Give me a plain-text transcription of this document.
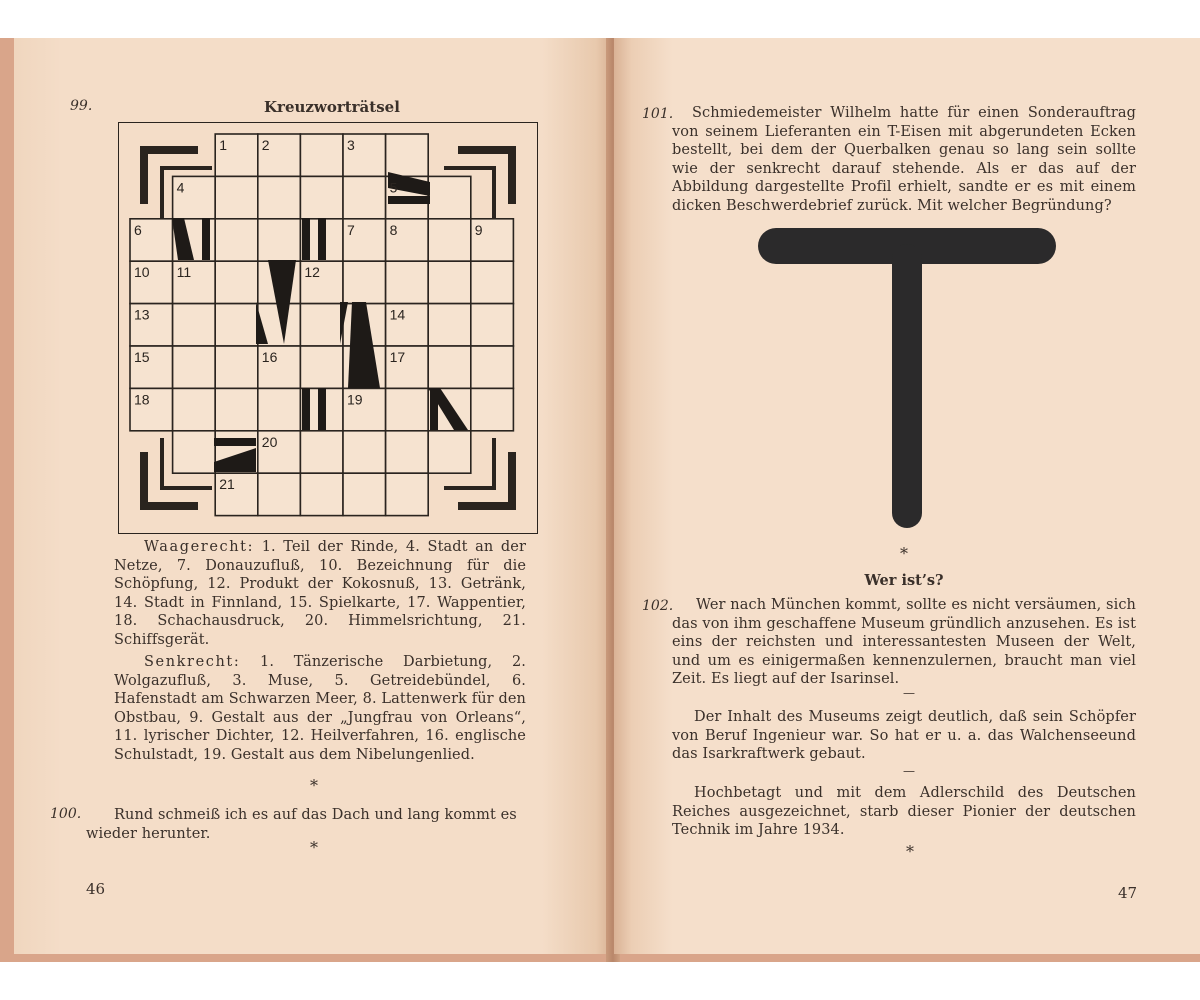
99.	Kreuzworträtsel
1 2	3
4	5
6	7 8	9
10 11	12
13	14
15	16	17
18	19
20
21

Waagerecht: 1. Teil der Rinde, 4. Stadt an der Netze, 7. Donauzufluß, 10. Bezeichnung für die Schöpfung, 12. Produkt der Kokosnuß, 13. Getränk, 14. Stadt in Finnland, 15. Spielkarte, 17. Wappentier, 18. Schachausdruck, 20. Himmelsrichtung, 21. Schiffsgerät.

Senkrecht: 1. Tänzerische Darbietung, 2. Wolgazufluß, 3. Muse, 5. Getreidebündel, 6. Hafenstadt am Schwarzen Meer, 8. Lattenwerk für den Obstbau, 9. Gestalt aus der „Jungfrau von Orleans“, 11. lyrischer Dichter, 12. Heilverfahren, 16. englische Schulstadt, 19. Gestalt aus dem Nibelungenlied.

*
100.	Rund schmeiß ich es auf das Dach und lang kommt es wieder herunter.
*
46
101.	Schmiedemeister Wilhelm hatte für einen Sonderauftrag von seinem Lieferanten ein T-Eisen mit abgerundeten Ecken bestellt, bei dem der Querbalken genau so lang sein sollte wie der senkrecht darauf stehende. Als er das auf der Abbildung dargestellte Profil erhielt, sandte er es mit einem dicken Beschwerdebrief zurück. Mit welcher Begründung?
*
Wer ist’s?
102.	Wer nach München kommt, sollte es nicht versäumen, sich das von ihm geschaffene Museum gründlich anzusehen. Es ist eins der reichsten und interessantesten Museen der Welt, und um es einigermaßen kennenzulernen, braucht man viel Zeit. Es liegt auf der Isarinsel.
—
Der Inhalt des Museums zeigt deutlich, daß sein Schöpfer von Beruf Ingenieur war. So hat er u. a. das Walchenseeund das Isarkraftwerk gebaut.
—
Hochbetagt und mit dem Adlerschild des Deutschen Reiches ausgezeichnet, starb dieser Pionier der deutschen Technik im Jahre 1934.
*
47
